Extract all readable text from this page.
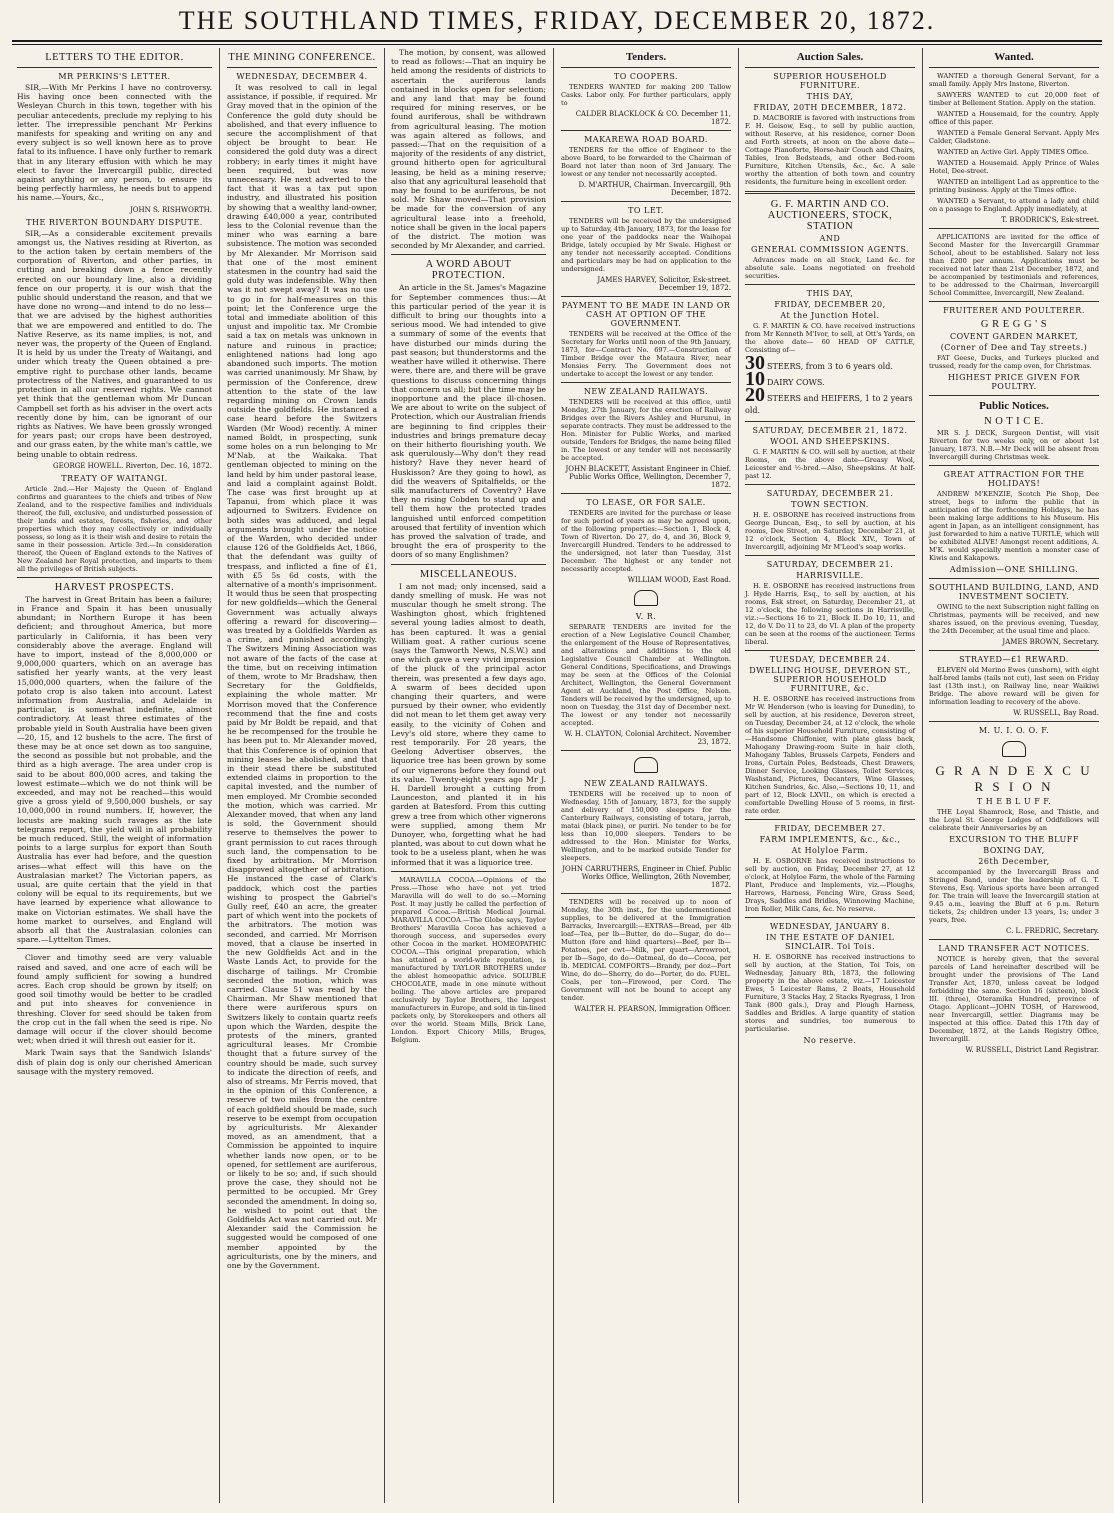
THE SOUTHLAND TIMES, FRIDAY, DECEMBER 20, 1872.
LETTERS TO THE EDITOR.
MR PERKINS'S LETTER.

SIR,—With Mr Perkins I have no controversy. His having once been connected with the Wesleyan Church in this town, together with his peculiar antecedents, preclude my replying to his letter. The irrepressible penchant Mr Perkins manifests for speaking and writing on any and every subject is so well known here as to prove fatal to its influence. I have only further to remark that in any literary effusion with which he may elect to favor the Invercargill public, directed against anything or any person, to ensure its being perfectly harmless, he needs but to append his name.—Yours, &c.,

JOHN S. RISHWORTH.
THE RIVERTON BOUNDARY DISPUTE.

SIR,—As a considerable excitement prevails amongst us, the Natives residing at Riverton, as to the action taken by certain members of the corporation of Riverton, and other parties, in cutting and breaking down a fence recently erected on our boundary line, also a dividing fence on our property, it is our wish that the public should understand the reason, and that we have done no wrong—and intend to do no less—that we are advised by the highest authorities that we are empowered and entitled to do. The Native Reserve, as its name implies, is not, and never was, the property of the Queen of England. It is held by us under the Treaty of Waitangi, and under which treaty the Queen obtained a pre-emptive right to purchase other lands, became protectress of the Natives, and guaranteed to us protection in all our reserved rights. We cannot yet think that the gentleman whom Mr Duncan Campbell set forth as his adviser in the overt acts recently done by him, can be ignorant of our rights as Natives. We have been grossly wronged for years past; our crops have been destroyed, and our grass eaten, by the white man's cattle, we being unable to obtain redress.

GEORGE HOWELL. Riverton, Dec. 16, 1872.
TREATY OF WAITANGI.

Article 2nd.—Her Majesty the Queen of England confirms and guarantees to the chiefs and tribes of New Zealand, and to the respective families and individuals thereof, the full, exclusive, and undisturbed possession of their lands and estates, forests, fisheries, and other properties which they may collectively or individually possess, so long as it is their wish and desire to retain the same in their possession. Article 3rd.—In consideration thereof, the Queen of England extends to the Natives of New Zealand her Royal protection, and imparts to them all the privileges of British subjects.

HARVEST PROSPECTS.

The harvest in Great Britain has been a failure; in France and Spain it has been unusually abundant; in Northern Europe it has been deficient; and throughout America, but more particularly in California, it has been very considerably above the average. England will have to import, instead of the 8,000,000 or 9,000,000 quarters, which on an average has satisfied her yearly wants, at the very least 15,000,000 quarters, when the failure of the potato crop is also taken into account. Latest information from Australia, and Adelaide in particular, is somewhat indefinite, almost contradictory. At least three estimates of the probable yield in South Australia have been given—20, 15, and 12 bushels to the acre. The first of these may be at once set down as too sanguine, the second as possible but not probable, and the third as a high average. The area under crop is said to be about 800,000 acres, and taking the lowest estimate—which we do not think will be exceeded, and may not be reached—this would give a gross yield of 9,500,000 bushels, or say 10,000,000 in round numbers. If, however, the locusts are making such ravages as the late telegrams report, the yield will in all probability be much reduced. Still, the weight of information points to a large surplus for export than South Australia has ever had before, and the question arises—what effect will this have on the Australasian market? The Victorian papers, as usual, are quite certain that the yield in that colony will be equal to its requirements, but we have learned by experience what allowance to make on Victorian estimates. We shall have the home market to ourselves, and England will absorb all that the Australasian colonies can spare.—Lyttelton Times.

Clover and timothy seed are very valuable raised and saved, and one acre of each will be found amply sufficient for sowing a hundred acres. Each crop should be grown by itself; on good soil timothy would be better to be cradled and put into sheaves for convenience in threshing. Clover for seed should be taken from the crop cut in the fall when the seed is ripe. No damage will occur if the clover should become wet; when dried it will thresh out easier for it.

Mark Twain says that the Sandwich Islands' dish of plain dog is only our cherished American sausage with the mystery removed.

THE MINING CONFERENCE.
WEDNESDAY, DECEMBER 4.

It was resolved to call in legal assistance, if possible, if required. Mr Gray moved that in the opinion of the Conference the gold duty should be abolished, and that every influence to secure the accomplishment of that object be brought to bear. He considered the gold duty was a direct robbery; in early times it might have been required, but was now unnecessary. He next adverted to the fact that it was a tax put upon industry, and illustrated his position by showing that a wealthy land-owner, drawing £40,000 a year, contributed less to the Colonial revenue than the miner who was earning a bare subsistence. The motion was seconded by Mr Alexander. Mr Morrison said that one of the most eminent statesmen in the country had said the gold duty was indefensible. Why then was it not swept away? It was no use to go in for half-measures on this point; let the Conference urge the total and immediate abolition of this unjust and impolitic tax. Mr Crombie said a tax on metals was unknown in nature and ruinous in practice; enlightened nations had long ago abandoned such imports. The motion was carried unanimously. Mr Shaw, by permission of the Conference, drew attention to the state of the law regarding mining on Crown lands outside the goldfields. He instanced a case heard before the Switzers Warden (Mr Wood) recently. A miner named Boldt, in prospecting, sunk some holes on a run belonging to Mr M'Nab, at the Waikaka. That gentleman objected to mining on the land held by him under pastoral lease, and laid a complaint against Boldt. The case was first brought up at Tapanui, from which place it was adjourned to Switzers. Evidence on both sides was adduced, and legal arguments brought under the notice of the Warden, who decided under clause 126 of the Goldfields Act, 1866, that the defendant was guilty of trespass, and inflicted a fine of £1, with £5 5s 6d costs, with the alternative of a month's imprisonment. It would thus be seen that prospecting for new goldfields—which the General Government was actually always offering a reward for discovering—was treated by a Goldfields Warden as a crime, and punished accordingly. The Switzers Mining Association was not aware of the facts of the case at the time, but on receiving intimation of them, wrote to Mr Bradshaw, then Secretary for the Goldfields, explaining the whole matter. Mr Morrison moved that the Conference recommend that the fine and costs paid by Mr Boldt be repaid, and that he be recompensed for the trouble he has been put to. Mr Alexander moved, that this Conference is of opinion that mining leases be abolished, and that in their stead there be substituted extended claims in proportion to the capital invested, and the number of men employed. Mr Crombie seconded the motion, which was carried. Mr Alexander moved, that when any land is sold, the Government should reserve to themselves the power to grant permission to cut races through such land, the compensation to be fixed by arbitration. Mr Morrison disapproved altogether of arbitration. He instanced the case of Clark's paddock, which cost the parties wishing to prospect the Gabriel's Gully reef, £40 an acre, the greater part of which went into the pockets of the arbitrators. The motion was seconded, and carried. Mr Morrison moved, that a clause be inserted in the new Goldfields Act and in the Waste Lands Act, to provide for the discharge of tailings. Mr Crombie seconded the motion, which was carried. Clause 51 was read by the Chairman. Mr Shaw mentioned that there were auriferous spurs on Switzers likely to contain quartz reefs upon which the Warden, despite the protests of the miners, granted agricultural leases. Mr Crombie thought that a future survey of the country should be made, such survey to indicate the direction of reefs, and also of streams. Mr Ferris moved, that in the opinion of this Conference, a reserve of two miles from the centre of each goldfield should be made, such reserve to be exempt from occupation by agriculturists. Mr Alexander moved, as an amendment, that a Commission be appointed to inquire whether lands now open, or to be opened, for settlement are auriferous, or likely to be so; and, if such should prove the case, they should not be permitted to be occupied. Mr Grey seconded the amendment. In doing so, he wished to point out that the Goldfields Act was not carried out. Mr Alexander said the Commission he suggested would be composed of one member appointed by the agriculturists, one by the miners, and one by the Government.

The motion, by consent, was allowed to read as follows:—That an inquiry be held among the residents of districts to ascertain the auriferous lands contained in blocks open for selection; and any land that may be found required for mining reserves, or be found auriferous, shall be withdrawn from agricultural leasing. The motion was again altered as follows, and passed:—That on the requisition of a majority of the residents of any district, ground hitherto open for agricultural leasing, be held as a mining reserve; also that any agricultural leasehold that may be found to be auriferous, be not sold. Mr Shaw moved—That provision be made for the conversion of any agricultural lease into a freehold, notice shall be given in the local papers of the district. The motion was seconded by Mr Alexander, and carried.

A WORD ABOUT PROTECTION.

An article in the St. James's Magazine for September commences thus:—At this particular period of the year it is difficult to bring our thoughts into a serious mood. We had intended to give a summary of some of the events that have disturbed our minds during the past season; but thunderstorms and the weather have willed it otherwise. There were, there are, and there will be grave questions to discuss concerning things that concern us all; but the time may be inopportune and the place ill-chosen. We are about to write on the subject of Protection, which our Australian friends are beginning to find cripples their industries and brings premature decay on their hitherto flourishing youth. We ask querulously—Why don't they read history? Have they never heard of Huskisson? Are they going to howl, as did the weavers of Spitalfields, or the silk manufacturers of Coventry? Have they no rising Cobden to stand up and tell them how the protected trades languished until enforced competition aroused that fertility of invention which has proved the salvation of trade, and brought the era of prosperity to the doors of so many Englishmen?

MISCELLANEOUS.

I am not mad; only incensed, said a dandy smelling of musk. He was not muscular though he smelt strong. The Washington ghost, which frightened several young ladies almost to death, has been captured. It was a genial William goat. A rather curious scene (says the Tamworth News, N.S.W.) and one which gave a very vivid impression of the pluck of the principal actor therein, was presented a few days ago. A swarm of bees decided upon changing their quarters, and were pursued by their owner, who evidently did not mean to let them get away very easily, to the vicinity of Cohen and Levy's old store, where they came to rest temporarily. For 28 years, the Geelong Advertiser observes, the liquorice tree has been grown by some of our vignerons before they found out its value. Twenty-eight years ago Mr J. H. Dardell brought a cutting from Launceston, and planted it in his garden at Batesford. From this cutting grew a tree from which other vignerons were supplied, among them Mr Dunoyer, who, forgetting what he had planted, was about to cut down what he took to be a useless plant, when he was informed that it was a liquorice tree.

MARAVILLA COCOA.—Opinions of the Press.—Those who have not yet tried Maravilla will do well to do so.—Morning Post. It may justly be called the perfection of prepared Cocoa.—British Medical Journal. MARAVILLA COCOA.—The Globe says, Taylor Brothers' Maravilla Cocoa has achieved a thorough success, and supersedes every other Cocoa in the market. HOMEOPATHIC COCOA.—This original preparation, which has attained a world-wide reputation, is manufactured by TAYLOR BROTHERS under the ablest homeopathic advice. SOLUBLE CHOCOLATE, made in one minute without boiling. The above articles are prepared exclusively by Taylor Brothers, the largest manufacturers in Europe, and sold in tin-lined packets only, by Storekeepers and others all over the world. Steam Mills, Brick Lane, London. Export Chicory Mills, Bruges, Belgium.

Tenders.
TO COOPERS.

TENDERS WANTED for making 200 Tallow Casks. Labor only. For further particulars, apply to

CALDER BLACKLOCK & CO. December 11, 1872.
MAKAREWA ROAD BOARD.

TENDERS for the office of Engineer to the above Board, to be forwarded to the Chairman of Board not later than noon of 3rd January. The lowest or any tender not necessarily accepted.

D. M'ARTHUR, Chairman. Invercargill, 9th December, 1872.
TO LET.

TENDERS will be received by the undersigned up to Saturday, 4th January, 1873, for the lease for one year of the paddocks near the Waihopai Bridge, lately occupied by Mr Swale. Highest or any tender not necessarily accepted. Conditions and particulars may be had on application to the undersigned.

JAMES HARVEY, Solicitor, Esk-street. December 19, 1872.
PAYMENT TO BE MADE IN LAND OR CASH AT OPTION OF THE GOVERNMENT.

TENDERS will be received at the Office of the Secretary for Works until noon of the 9th January, 1873, for—Contract No. 697.—Construction of Timber Bridge over the Mataura River, near Mensies Ferry. The Government does not undertake to accept the lowest or any tender.

NEW ZEALAND RAILWAYS.

TENDERS will be received at this office, until Monday, 27th January, for the erection of Railway Bridges over the Rivers Ashley and Hurunui, in separate contracts. They must be addressed to the Hon. Minister for Public Works, and marked outside, Tenders for Bridges, the name being filled in. The lowest or any tender will not necessarily be accepted.

JOHN BLACKETT, Assistant Engineer in Chief. Public Works Office, Wellington, December 7, 1872.
TO LEASE, OR FOR SALE.

TENDERS are invited for the purchase or lease for such period of years as may be agreed upon, of the following properties:—Section 1, Block 4, Town of Riverton. Do 27, do 4, and 36, Block 9, Invercargill Hundred. Tenders to be addressed to the undersigned, not later than Tuesday, 31st December. The highest or any tender not necessarily accepted.

WILLIAM WOOD, East Road.
V. R.

SEPARATE TENDERS are invited for the erection of a New Legislative Council Chamber, the enlargement of the House of Representatives, and alterations and additions to the old Legislative Council Chamber at Wellington. General Conditions, Specifications, and Drawings may be seen at the Offices of the Colonial Architect, Wellington, the General Government Agent at Auckland, the Post Office, Nelson. Tenders will be received by the undersigned, up to noon on Tuesday, the 31st day of December next. The lowest or any tender not necessarily accepted.

W. H. CLAYTON, Colonial Architect. November 23, 1872.
NEW ZEALAND RAILWAYS.

TENDERS will be received up to noon of Wednesday, 15th of January, 1873, for the supply and delivery of 150,000 sleepers for the Canterbury Railways, consisting of totara, jarrah, matai (black pine), or puriri. No tender to be for less than 10,000 sleepers. Tenders to be addressed to the Hon. Minister for Works, Wellington, and to be marked outside Tender for sleepers.

JOHN CARRUTHERS, Engineer in Chief. Public Works Office, Wellington, 26th November, 1872.

TENDERS will be received up to noon of Monday, the 30th inst., for the undermentioned supplies, to be delivered at the Immigration Barracks, Invercargill:—EXTRAS—Bread, per 4lb loaf—Tea, per lb—Butter, do do—Sugar, do do—Mutton (fore and hind quarters)—Beef, per lb—Potatoes, per cwt—Milk, per quart—Arrowroot, per lb—Sago, do do—Oatmeal, do do—Cocoa, per lb. MEDICAL COMFORTS—Brandy, per doz—Port Wine, do do—Sherry, do do—Porter, do do. FUEL. Coals, per ton—Firewood, per Cord. The Government will not be bound to accept any tender.

WALTER H. PEARSON, Immigration Officer.
Auction Sales.
SUPERIOR HOUSEHOLD FURNITURE.
THIS DAY,
FRIDAY, 20TH DECEMBER, 1872.

D. MACBORIE is favored with instructions from F. H. Geisow, Esq., to sell by public auction, without Reserve, at his residence, corner Doon and Forth streets, at noon on the above date—Cottage Pianoforte, Horse-hair Couch and Chairs, Tables, Iron Bedsteads, and other Bed-room Furniture, Kitchen Utensils, &c., &c. A sale worthy the attention of both town and country residents, the furniture being in excellent order.

G. F. MARTIN AND CO. AUCTIONEERS, STOCK, STATION
AND
GENERAL COMMISSION AGENTS.

Advances made on all Stock, Land &c. for absolute sale. Loans negotiated on freehold securities.

THIS DAY,
FRIDAY, DECEMBER 20,
At the Junction Hotel.

G. F. MARTIN & CO. have received instructions from Mr Kenneth M'Ivor, to sell, at Ott's Yards, on the above date— 60 HEAD OF CATTLE, Consisting of—

30 STEERS, from 3 to 6 years old.
10 DAIRY COWS.
20 STEERS and HEIFERS, 1 to 2 years old.
SATURDAY, DECEMBER 21, 1872.
WOOL AND SHEEPSKINS.

G. F. MARTIN & CO. will sell by auction, at their Rooms, on the above date—Greasy Wool, Leicester and ½-bred.—Also, Sheepskins. At half-past 12.

SATURDAY, DECEMBER 21.
TOWN SECTION.

H. E. OSBORNE has received instructions from George Duncan, Esq., to sell by auction, at his rooms, Dee Street, on Saturday, December 21, at 12 o'clock, Section 4, Block XIV., Town of Invercargill, adjoining Mr M'Leod's soap works.

SATURDAY, DECEMBER 21.
HARRISVILLE.

H. E. OSBORNE has received instructions from J. Hyde Harris, Esq., to sell by auction, at his rooms, Esk street, on Saturday, December 21, at 12 o'clock, the following sections in Harrisville, viz.:—Sections 16 to 21, Block II. Do 10, 11, and 12, do V. Do 11 to 23, do VI. A plan of the property can be seen at the rooms of the auctioneer. Terms liberal.

TUESDAY, DECEMBER 24.
DWELLING HOUSE, DEVERON ST., SUPERIOR HOUSEHOLD FURNITURE, &c.

H. E. OSBORNE has received instructions from Mr W. Henderson (who is leaving for Dunedin), to sell by auction, at his residence, Deveron street, on Tuesday, December 24, at 12 o'clock, the whole of his superior Household Furniture, consisting of—Handsome Chiffonier, with plate glass back, Mahogany Drawing-room Suite in hair cloth, Mahogany Tables, Brussels Carpets, Fenders and Irons, Curtain Poles, Bedsteads, Chest Drawers, Dinner Service, Looking Glasses, Toilet Services, Washstand, Pictures, Decanters, Wine Glasses, Kitchen Sundries, &c. Also,—Sections 10, 11, and part of 12, Block LXVII., on which is erected a comfortable Dwelling House of 5 rooms, in first-rate order.

FRIDAY, DECEMBER 27.
FARM IMPLEMENTS, &c., &c.,
At Holyloe Farm.

H. E. OSBORNE has received instructions to sell by auction, on Friday, December 27, at 12 o'clock, at Holyloe Farm, the whole of the Farming Plant, Produce and Implements, viz.—Ploughs, Harrows, Harness, Fencing Wire, Grass Seed, Drays, Saddles and Bridles, Winnowing Machine, Iron Roller, Milk Cans, &c. No reserve.

WEDNESDAY, JANUARY 8.
IN THE ESTATE OF DANIEL SINCLAIR. Toi Tois.

H. E. OSBORNE has received instructions to sell by auction, at the Station, Toi Tois, on Wednesday, January 8th, 1873, the following property in the above estate, viz.—17 Leicester Ewes, 5 Leicester Rams, 2 Boats, Household Furniture, 3 Stacks Hay, 2 Stacks Ryegrass, 1 Iron Tank (800 gals.), Dray and Plough Harness, Saddles and Bridles. A large quantity of station stores and sundries, too numerous to particularise.

No reserve.
Wanted.

WANTED a thorough General Servant, for a small family. Apply Mrs Instone, Riverton.

SAWYERS WANTED to cut 20,000 feet of timber at Bellement Station. Apply on the station.

WANTED a Housemaid, for the country. Apply office of this paper.

WANTED a Female General Servant. Apply Mrs Calder, Gladstone.

WANTED an Active Girl. Apply TIMES Office.

WANTED a Housemaid. Apply Prince of Wales Hotel, Dee-street.

WANTED an intelligent Lad as apprentice to the printing business. Apply at the Times office.

WANTED a Servant, to attend a lady and child on a passage to England. Apply immediately, at

T. BRODRICK'S, Esk-street.

APPLICATIONS are invited for the office of Second Master for the Invercargill Grammar School, about to be established. Salary not less than £200 per annum. Applications must be received not later than 21st December, 1872, and be accompanied by testimonials and references, to be addressed to the Chairman, Invercargill School Committee, Invercargill, New Zealand.

FRUITERER AND POULTERER.
G R E G G ' S
COVENT GARDEN MARKET,
(Corner of Dee and Tay streets.)

FAT Geese, Ducks, and Turkeys plucked and trussed, ready for the camp oven, for Christmas.

HIGHEST PRICE GIVEN FOR POULTRY.
Public Notices.
N O T I C E.

MR S. J. DECK, Surgeon Dentist, will visit Riverton for two weeks only, on or about 1st January, 1873. N.B.—Mr Deck will be absent from Invercargill during Christmas week.

GREAT ATTRACTION FOR THE HOLIDAYS!

ANDREW M'KENZIE, Scotch Pie Shop, Dee street, begs to inform the public that in anticipation of the forthcoming Holidays, he has been making large additions to his Museum. His agent in Japan, as an intelligent consignment, has just forwarded to him a native TURTLE, which will be exhibited ALIVE! Amongst recent additions, A. M'K. would specially mention a monster case of Kiwis and Kakapows.

Admission—ONE SHILLING.
SOUTHLAND BUILDING, LAND, AND INVESTMENT SOCIETY.

OWING to the next Subscription night falling on Christmas, payments will be received, and new shares issued, on the previous evening, Tuesday, the 24th December, at the usual time and place.

JAMES BROWN, Secretary.
STRAYED—£1 REWARD.

ELEVEN old Merino Ewes (unshorn), with eight half-bred lambs (tails not cut), last seen on Friday last (13th inst.), on Railway line, near Waikiwi Bridge. The above reward will be given for information leading to recovery of the above.

W. RUSSELL, Bay Road.
M. U. I. O. O. F.
G R A N D E X C U R S I O N
T H E B L U F F.

THE Loyal Shamrock, Rose, and Thistle, and the Loyal St. George Lodges of Oddfellows will celebrate their Anniversaries by an

EXCURSION TO THE BLUFF
BOXING DAY,
26th December,

accompanied by the Invercargill Brass and Stringed Band, under the leadership of G. T. Stevens, Esq. Various sports have been arranged for. The train will leave the Invercargill station at 9.45 a.m., leaving the Bluff at 6 p.m. Return tickets, 2s; children under 13 years, 1s; under 3 years, free.

C. L. FREDRIC, Secretary.
LAND TRANSFER ACT NOTICES.

NOTICE is hereby given, that the several parcels of Land hereinafter described will be brought under the provisions of The Land Transfer Act, 1870, unless caveat be lodged forbidding the same. Section 16 (sixteen), block III. (three), Oteramika Hundred, province of Otago. Applicant—JOHN TOSH, of Harewood, near Invercargill, settler. Diagrams may be inspected at this office. Dated this 17th day of December, 1872, at the Lands Registry Office, Invercargill.

W. RUSSELL, District Land Registrar.
